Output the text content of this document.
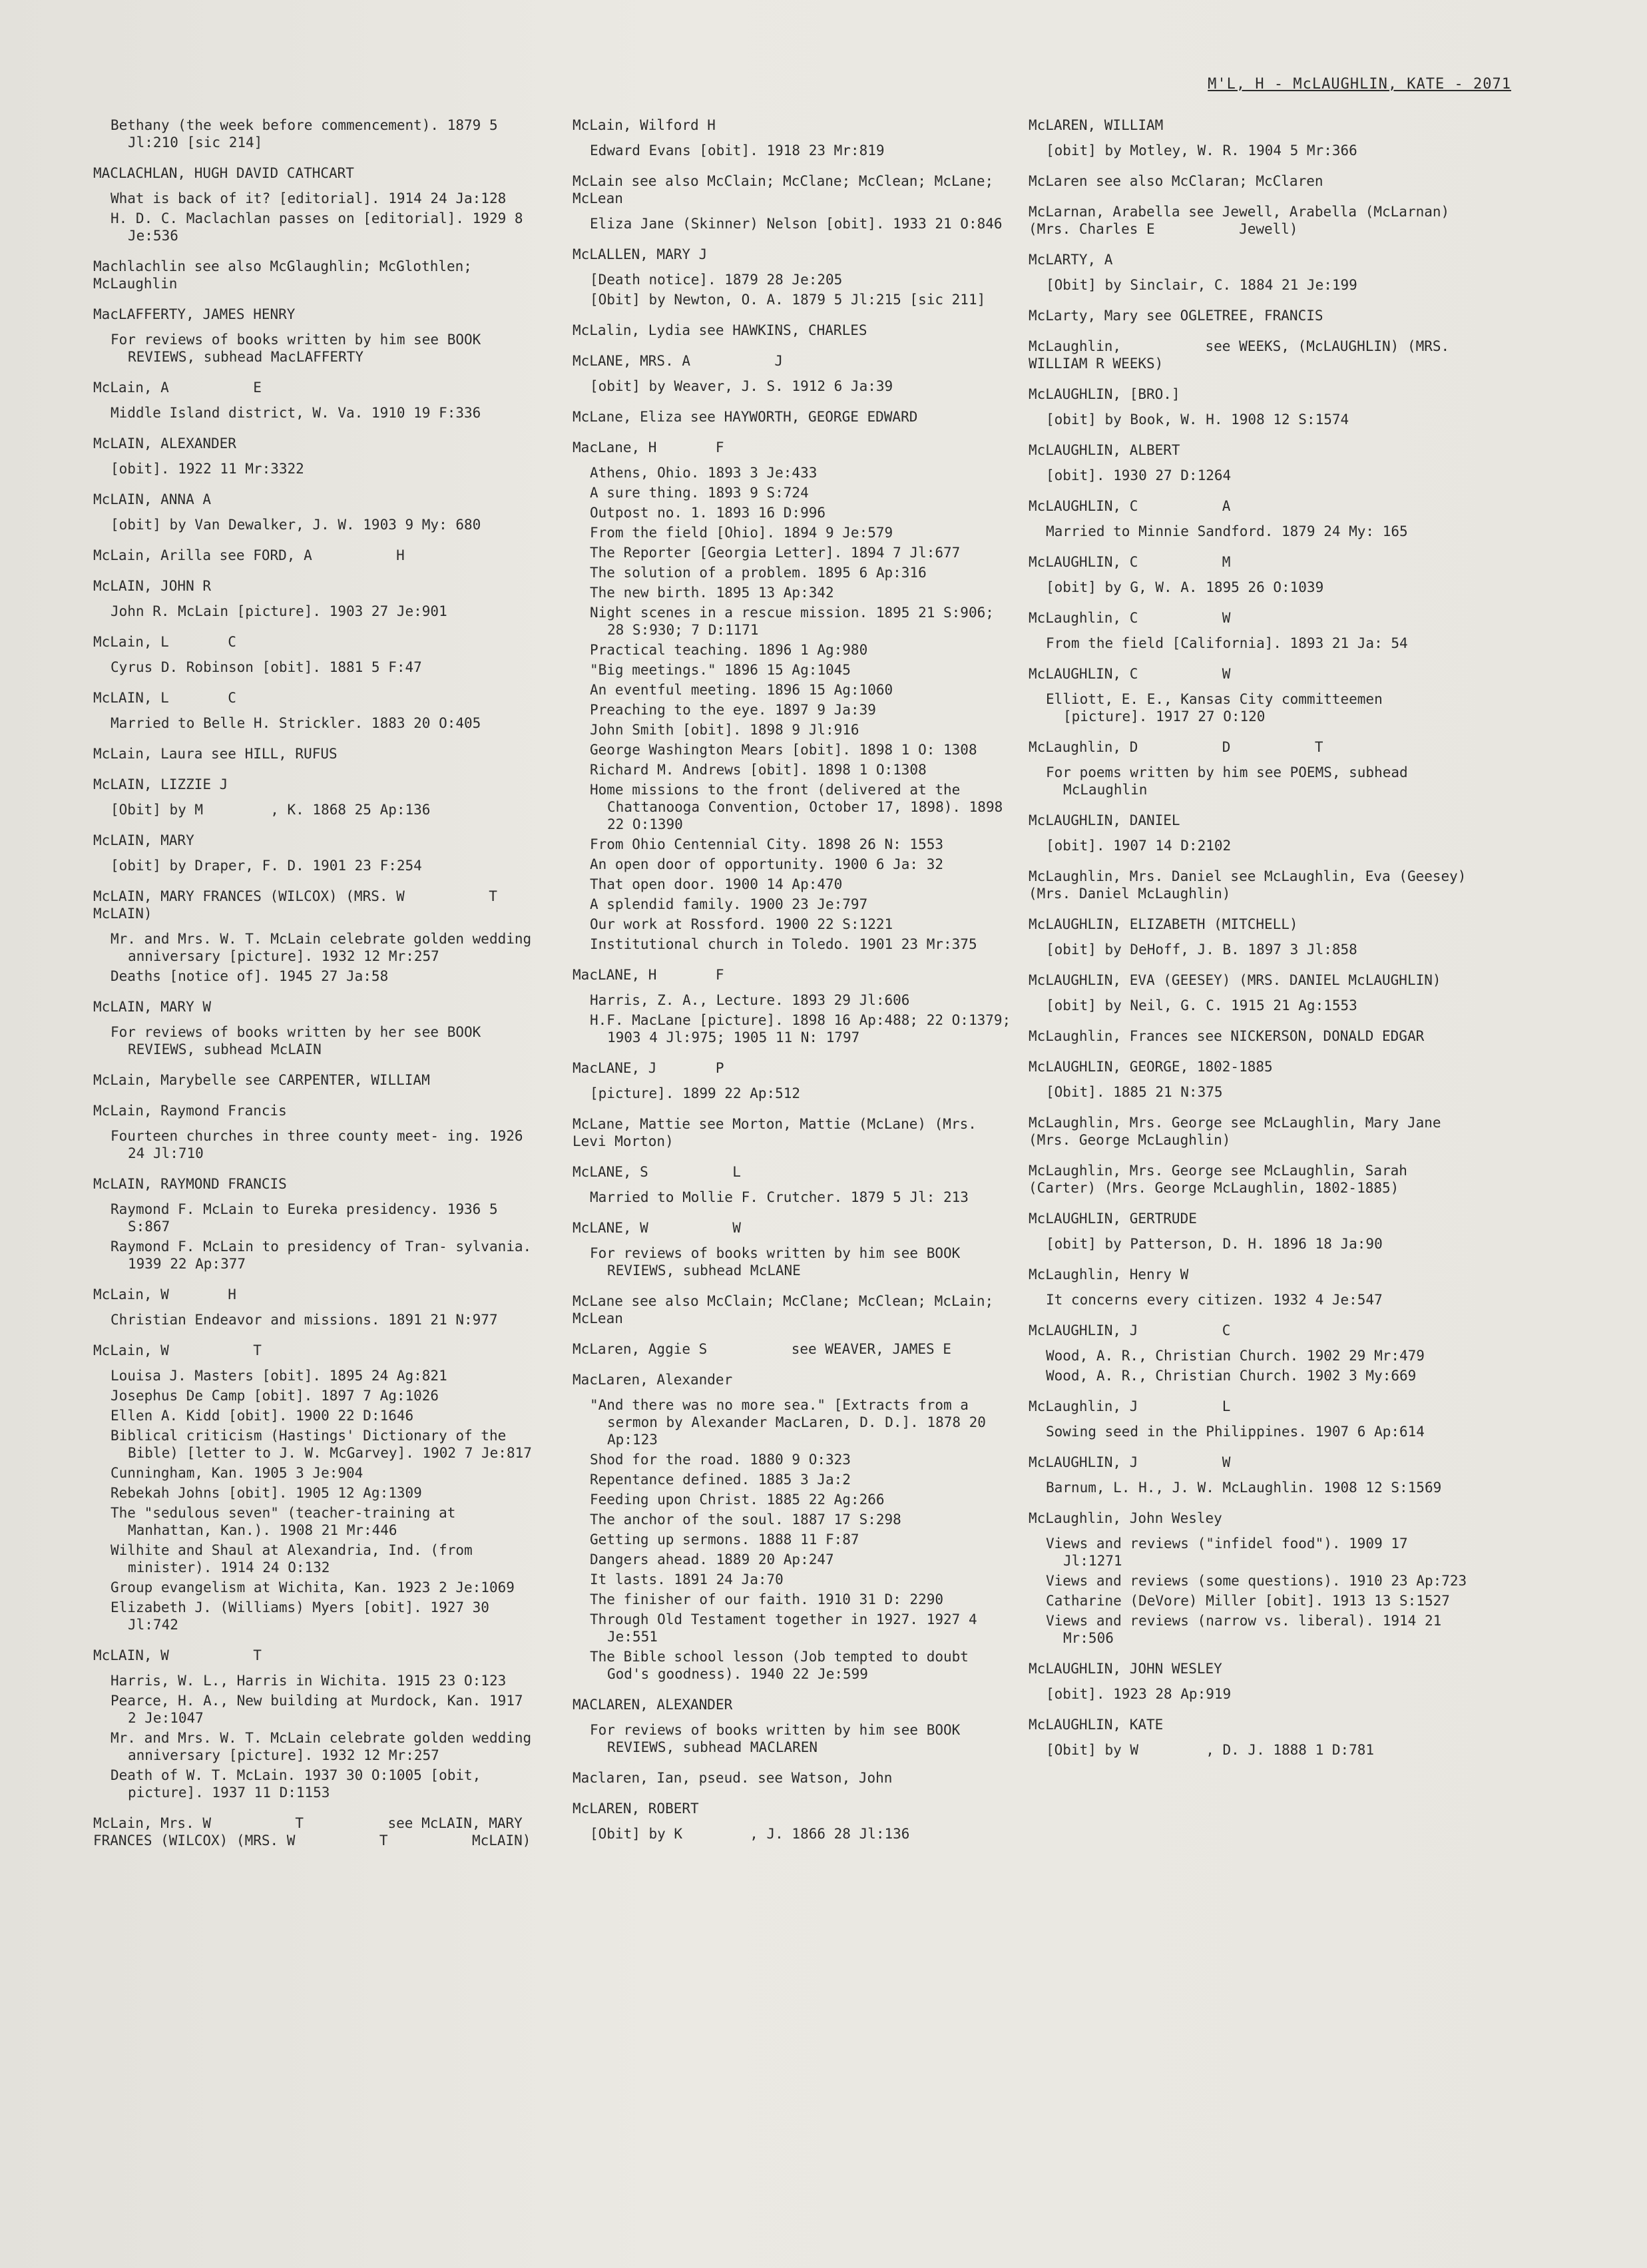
M'L, H - McLAUGHLIN, KATE - 2071
Bethany (the week before commencement). 1879 5 Jl:210 [sic 214]
MACLACHLAN, HUGH DAVID CATHCART
What is back of it? [editorial]. 1914 24 Ja:128
H. D. C. Maclachlan passes on [editorial]. 1929 8 Je:536
Machlachlin see also McGlaughlin; McGlothlen; McLaughlin
MacLAFFERTY, JAMES HENRY
For reviews of books written by him see BOOK REVIEWS, subhead MacLAFFERTY
McLain, A          E
Middle Island district, W. Va. 1910 19 F:336
McLAIN, ALEXANDER
[obit]. 1922 11 Mr:3322
McLAIN, ANNA A
[obit] by Van Dewalker, J. W. 1903 9 My: 680
McLain, Arilla see FORD, A          H
McLAIN, JOHN R
John R. McLain [picture]. 1903 27 Je:901
McLain, L       C
Cyrus D. Robinson [obit]. 1881 5 F:47
McLAIN, L       C
Married to Belle H. Strickler. 1883 20 O:405
McLain, Laura see HILL, RUFUS
McLAIN, LIZZIE J
[Obit] by M        , K. 1868 25 Ap:136
McLAIN, MARY
[obit] by Draper, F. D. 1901 23 F:254
McLAIN, MARY FRANCES (WILCOX) (MRS. W          T          McLAIN)
Mr. and Mrs. W. T. McLain celebrate golden wedding anniversary [picture]. 1932 12 Mr:257
Deaths [notice of]. 1945 27 Ja:58
McLAIN, MARY W
For reviews of books written by her see BOOK REVIEWS, subhead McLAIN
McLain, Marybelle see CARPENTER, WILLIAM
McLain, Raymond Francis
Fourteen churches in three county meet- ing. 1926 24 Jl:710
McLAIN, RAYMOND FRANCIS
Raymond F. McLain to Eureka presidency. 1936 5 S:867
Raymond F. McLain to presidency of Tran- sylvania. 1939 22 Ap:377
McLain, W       H
Christian Endeavor and missions. 1891 21 N:977
McLain, W          T
Louisa J. Masters [obit]. 1895 24 Ag:821
Josephus De Camp [obit]. 1897 7 Ag:1026
Ellen A. Kidd [obit]. 1900 22 D:1646
Biblical criticism (Hastings' Dictionary of the Bible) [letter to J. W. McGarvey]. 1902 7 Je:817
Cunningham, Kan. 1905 3 Je:904
Rebekah Johns [obit]. 1905 12 Ag:1309
The "sedulous seven" (teacher-training at Manhattan, Kan.). 1908 21 Mr:446
Wilhite and Shaul at Alexandria, Ind. (from minister). 1914 24 O:132
Group evangelism at Wichita, Kan. 1923 2 Je:1069
Elizabeth J. (Williams) Myers [obit]. 1927 30 Jl:742
McLAIN, W          T
Harris, W. L., Harris in Wichita. 1915 23 O:123
Pearce, H. A., New building at Murdock, Kan. 1917 2 Je:1047
Mr. and Mrs. W. T. McLain celebrate golden wedding anniversary [picture]. 1932 12 Mr:257
Death of W. T. McLain. 1937 30 O:1005 [obit, picture]. 1937 11 D:1153
McLain, Mrs. W          T          see McLAIN, MARY FRANCES (WILCOX) (MRS. W          T          McLAIN)
McLain, Wilford H
Edward Evans [obit]. 1918 23 Mr:819
McLain see also McClain; McClane; McClean; McLane; McLean
Eliza Jane (Skinner) Nelson [obit]. 1933 21 O:846
McLALLEN, MARY J
[Death notice]. 1879 28 Je:205
[Obit] by Newton, O. A. 1879 5 Jl:215 [sic 211]
McLalin, Lydia see HAWKINS, CHARLES
McLANE, MRS. A          J
[obit] by Weaver, J. S. 1912 6 Ja:39
McLane, Eliza see HAYWORTH, GEORGE EDWARD
MacLane, H       F
Athens, Ohio. 1893 3 Je:433
A sure thing. 1893 9 S:724
Outpost no. 1. 1893 16 D:996
From the field [Ohio]. 1894 9 Je:579
The Reporter [Georgia Letter]. 1894 7 Jl:677
The solution of a problem. 1895 6 Ap:316
The new birth. 1895 13 Ap:342
Night scenes in a rescue mission. 1895 21 S:906; 28 S:930; 7 D:1171
Practical teaching. 1896 1 Ag:980
"Big meetings." 1896 15 Ag:1045
An eventful meeting. 1896 15 Ag:1060
Preaching to the eye. 1897 9 Ja:39
John Smith [obit]. 1898 9 Jl:916
George Washington Mears [obit]. 1898 1 O: 1308
Richard M. Andrews [obit]. 1898 1 O:1308
Home missions to the front (delivered at the Chattanooga Convention, October 17, 1898). 1898 22 O:1390
From Ohio Centennial City. 1898 26 N: 1553
An open door of opportunity. 1900 6 Ja: 32
That open door. 1900 14 Ap:470
A splendid family. 1900 23 Je:797
Our work at Rossford. 1900 22 S:1221
Institutional church in Toledo. 1901 23 Mr:375
MacLANE, H       F
Harris, Z. A., Lecture. 1893 29 Jl:606
H.F. MacLane [picture]. 1898 16 Ap:488; 22 O:1379; 1903 4 Jl:975; 1905 11 N: 1797
MacLANE, J       P
[picture]. 1899 22 Ap:512
McLane, Mattie see Morton, Mattie (McLane) (Mrs. Levi Morton)
McLANE, S          L
Married to Mollie F. Crutcher. 1879 5 Jl: 213
McLANE, W          W
For reviews of books written by him see BOOK REVIEWS, subhead McLANE
McLane see also McClain; McClane; McClean; McLain; McLean
McLaren, Aggie S          see WEAVER, JAMES E
MacLaren, Alexander
"And there was no more sea." [Extracts from a sermon by Alexander MacLaren, D. D.]. 1878 20 Ap:123
Shod for the road. 1880 9 O:323
Repentance defined. 1885 3 Ja:2
Feeding upon Christ. 1885 22 Ag:266
The anchor of the soul. 1887 17 S:298
Getting up sermons. 1888 11 F:87
Dangers ahead. 1889 20 Ap:247
It lasts. 1891 24 Ja:70
The finisher of our faith. 1910 31 D: 2290
Through Old Testament together in 1927. 1927 4 Je:551
The Bible school lesson (Job tempted to doubt God's goodness). 1940 22 Je:599
MACLAREN, ALEXANDER
For reviews of books written by him see BOOK REVIEWS, subhead MACLAREN
Maclaren, Ian, pseud. see Watson, John
McLAREN, ROBERT
[Obit] by K        , J. 1866 28 Jl:136
McLAREN, WILLIAM
[obit] by Motley, W. R. 1904 5 Mr:366
McLaren see also McClaran; McClaren
McLarnan, Arabella see Jewell, Arabella (McLarnan) (Mrs. Charles E          Jewell)
McLARTY, A
[Obit] by Sinclair, C. 1884 21 Je:199
McLarty, Mary see OGLETREE, FRANCIS
McLaughlin,          see WEEKS, (McLAUGHLIN) (MRS. WILLIAM R WEEKS)
McLAUGHLIN, [BRO.]
[obit] by Book, W. H. 1908 12 S:1574
McLAUGHLIN, ALBERT
[obit]. 1930 27 D:1264
McLAUGHLIN, C          A
Married to Minnie Sandford. 1879 24 My: 165
McLAUGHLIN, C          M
[obit] by G, W. A. 1895 26 O:1039
McLaughlin, C          W
From the field [California]. 1893 21 Ja: 54
McLAUGHLIN, C          W
Elliott, E. E., Kansas City committeemen [picture]. 1917 27 O:120
McLaughlin, D          D          T
For poems written by him see POEMS, subhead McLaughlin
McLAUGHLIN, DANIEL
[obit]. 1907 14 D:2102
McLaughlin, Mrs. Daniel see McLaughlin, Eva (Geesey) (Mrs. Daniel McLaughlin)
McLAUGHLIN, ELIZABETH (MITCHELL)
[obit] by DeHoff, J. B. 1897 3 Jl:858
McLAUGHLIN, EVA (GEESEY) (MRS. DANIEL McLAUGHLIN)
[obit] by Neil, G. C. 1915 21 Ag:1553
McLaughlin, Frances see NICKERSON, DONALD EDGAR
McLAUGHLIN, GEORGE, 1802-1885
[Obit]. 1885 21 N:375
McLaughlin, Mrs. George see McLaughlin, Mary Jane (Mrs. George McLaughlin)
McLaughlin, Mrs. George see McLaughlin, Sarah (Carter) (Mrs. George McLaughlin, 1802-1885)
McLAUGHLIN, GERTRUDE
[obit] by Patterson, D. H. 1896 18 Ja:90
McLaughlin, Henry W
It concerns every citizen. 1932 4 Je:547
McLAUGHLIN, J          C
Wood, A. R., Christian Church. 1902 29 Mr:479
Wood, A. R., Christian Church. 1902 3 My:669
McLaughlin, J          L
Sowing seed in the Philippines. 1907 6 Ap:614
McLAUGHLIN, J          W
Barnum, L. H., J. W. McLaughlin. 1908 12 S:1569
McLaughlin, John Wesley
Views and reviews ("infidel food"). 1909 17 Jl:1271
Views and reviews (some questions). 1910 23 Ap:723
Catharine (DeVore) Miller [obit]. 1913 13 S:1527
Views and reviews (narrow vs. liberal). 1914 21 Mr:506
McLAUGHLIN, JOHN WESLEY
[obit]. 1923 28 Ap:919
McLAUGHLIN, KATE
[Obit] by W        , D. J. 1888 1 D:781
